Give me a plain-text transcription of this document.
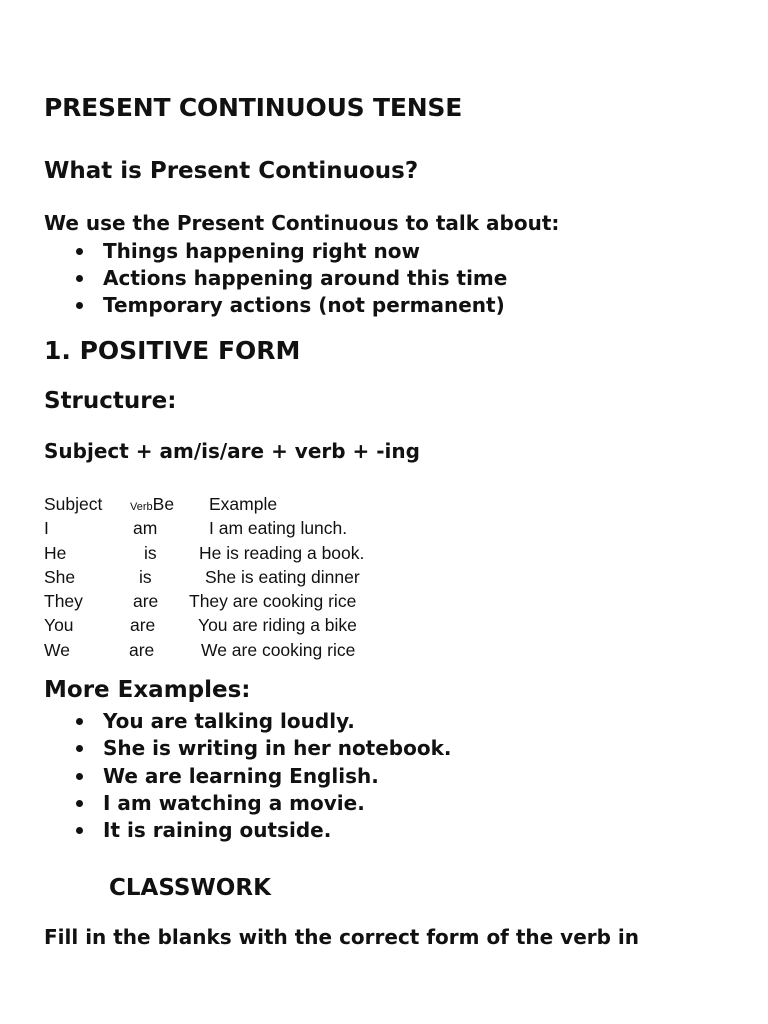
PRESENT CONTINUOUS TENSE
What is Present Continuous?
We use the Present Continuous to talk about:
Things happening right now
Actions happening around this time
Temporary actions (not permanent)
1. POSITIVE FORM
Structure:
Subject + am/is/are + verb + -ing
Subject	VerbBe Example
I	am	I am eating lunch.
He	is He is reading a book.
She	is	She is eating dinner
They	are They are cooking rice
You	are You are riding a bike
We	are	We are cooking rice
More Examples:
You are talking loudly.
She is writing in her notebook.
We are learning English.
I am watching a movie.
It is raining outside.
CLASSWORK
Fill in the blanks with the correct form of the verb in
